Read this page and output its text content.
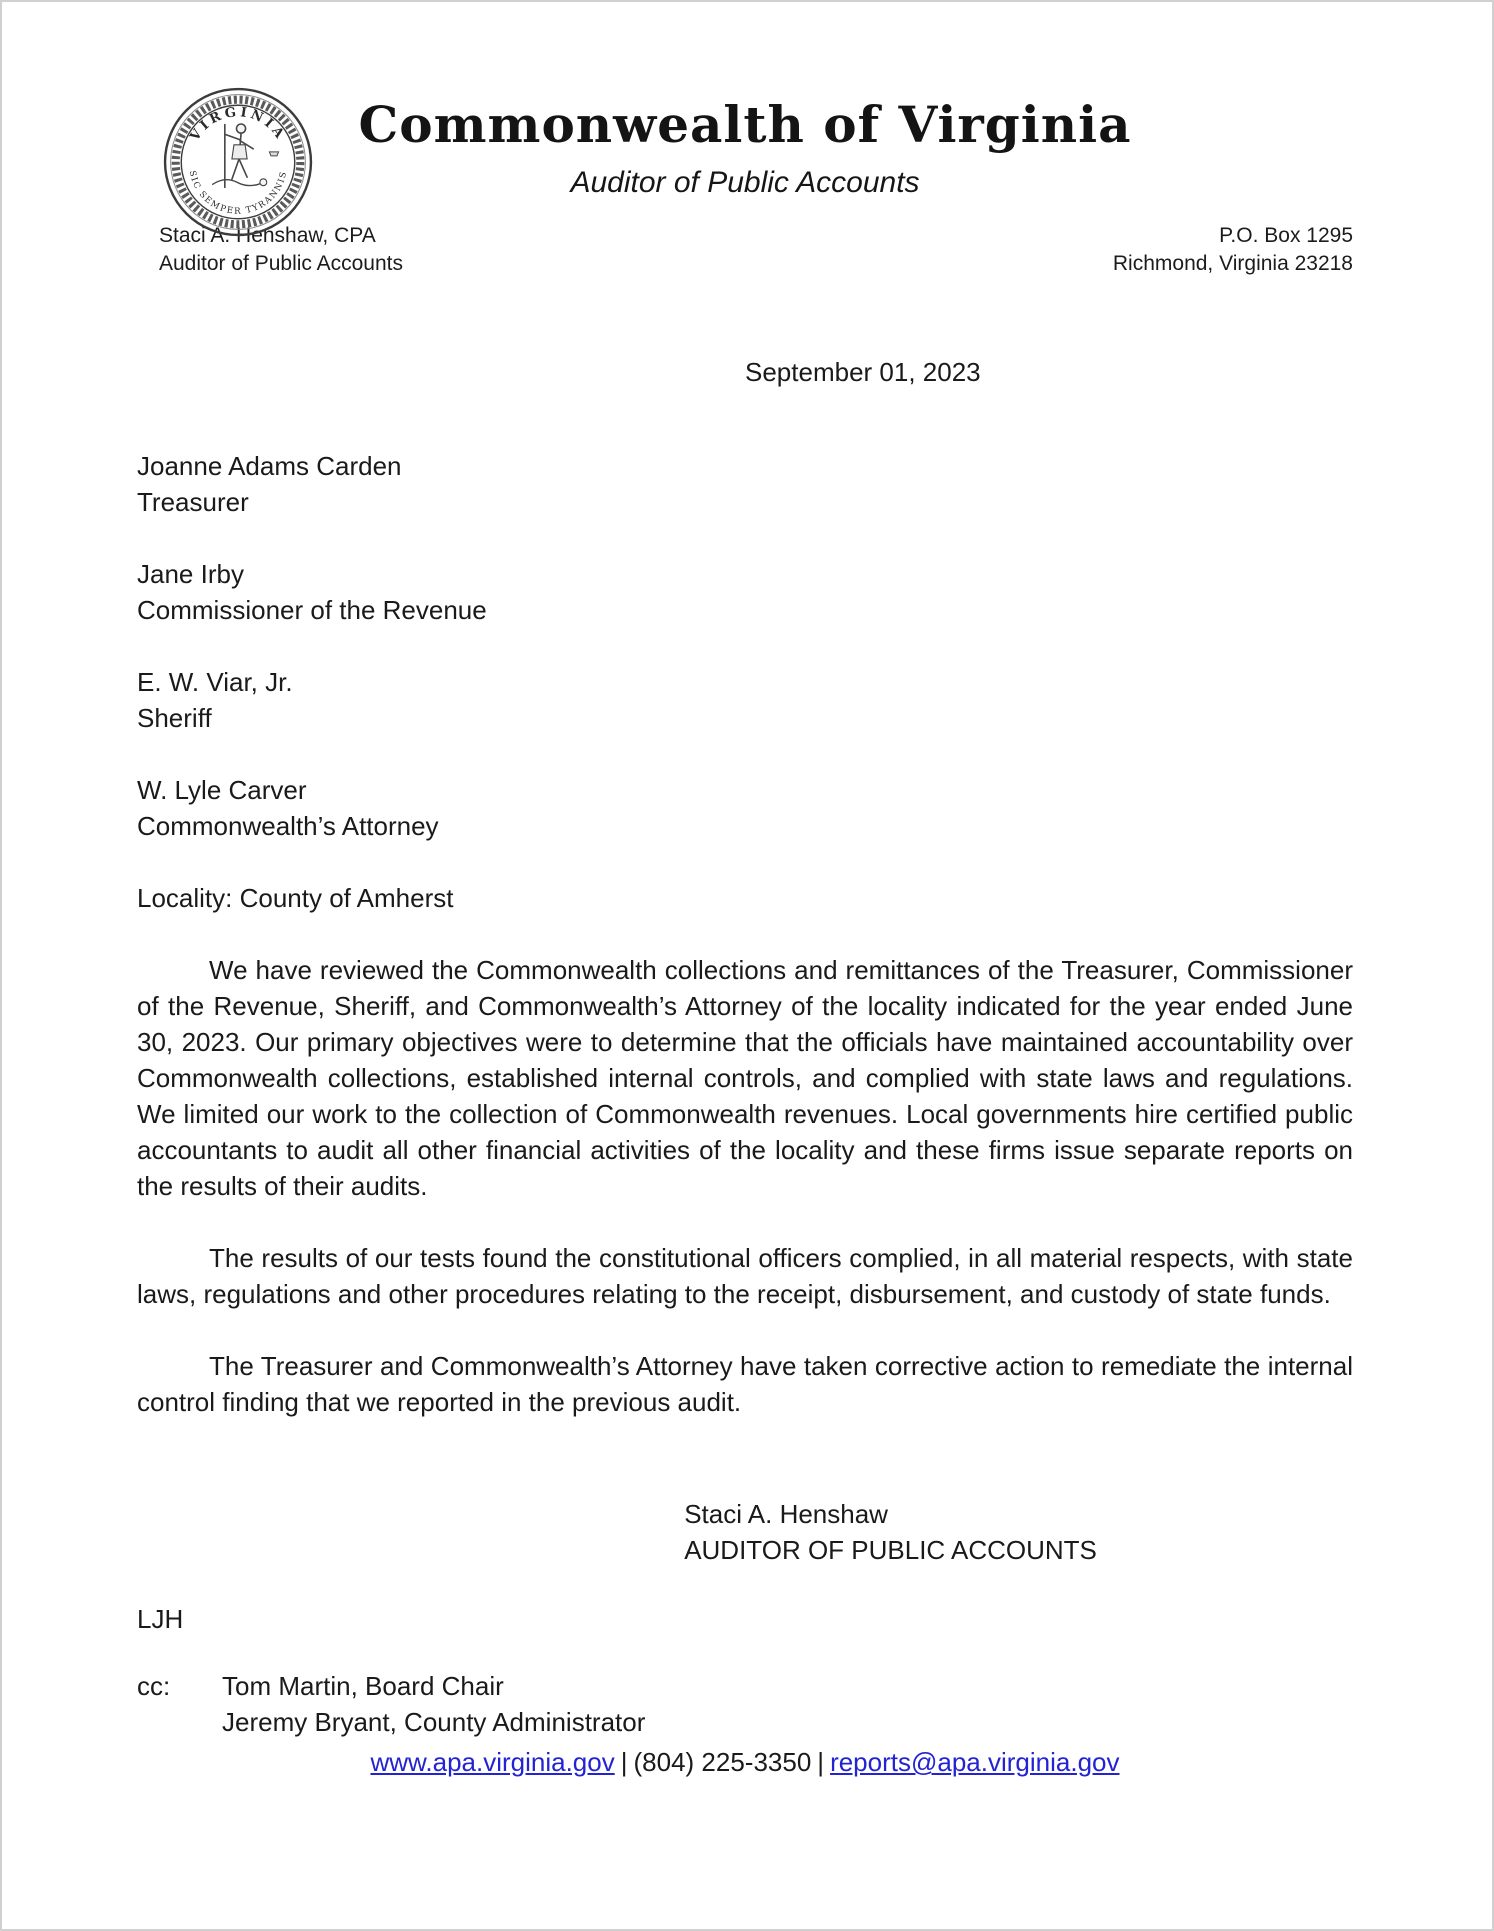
VIRGINIA
SIC SEMPER TYRANNIS
Commonwealth of Virginia
Auditor of Public Accounts
Staci A. Henshaw, CPA
Auditor of Public Accounts
P.O. Box 1295
Richmond, Virginia 23218
September 01, 2023
Joanne Adams Carden
Treasurer
Jane Irby
Commissioner of the Revenue
E. W. Viar, Jr.
Sheriff
W. Lyle Carver
Commonwealth’s Attorney
Locality: County of Amherst

We have reviewed the Commonwealth collections and remittances of the Treasurer, Commissioner of the Revenue, Sheriff, and Commonwealth’s Attorney of the locality indicated for the year ended June 30, 2023. Our primary objectives were to determine that the officials have maintained accountability over Commonwealth collections, established internal controls, and complied with state laws and regulations. We limited our work to the collection of Commonwealth revenues. Local governments hire certified public accountants to audit all other financial activities of the locality and these firms issue separate reports on the results of their audits.

The results of our tests found the constitutional officers complied, in all material respects, with state laws, regulations and other procedures relating to the receipt, disbursement, and custody of state funds.

The Treasurer and Commonwealth’s Attorney have taken corrective action to remediate the internal control finding that we reported in the previous audit.

Staci A. Henshaw
AUDITOR OF PUBLIC ACCOUNTS
LJH
cc:	Tom Martin, Board Chair
Jeremy Bryant, County Administrator
www.apa.virginia.gov | (804) 225-3350 | reports@apa.virginia.gov
